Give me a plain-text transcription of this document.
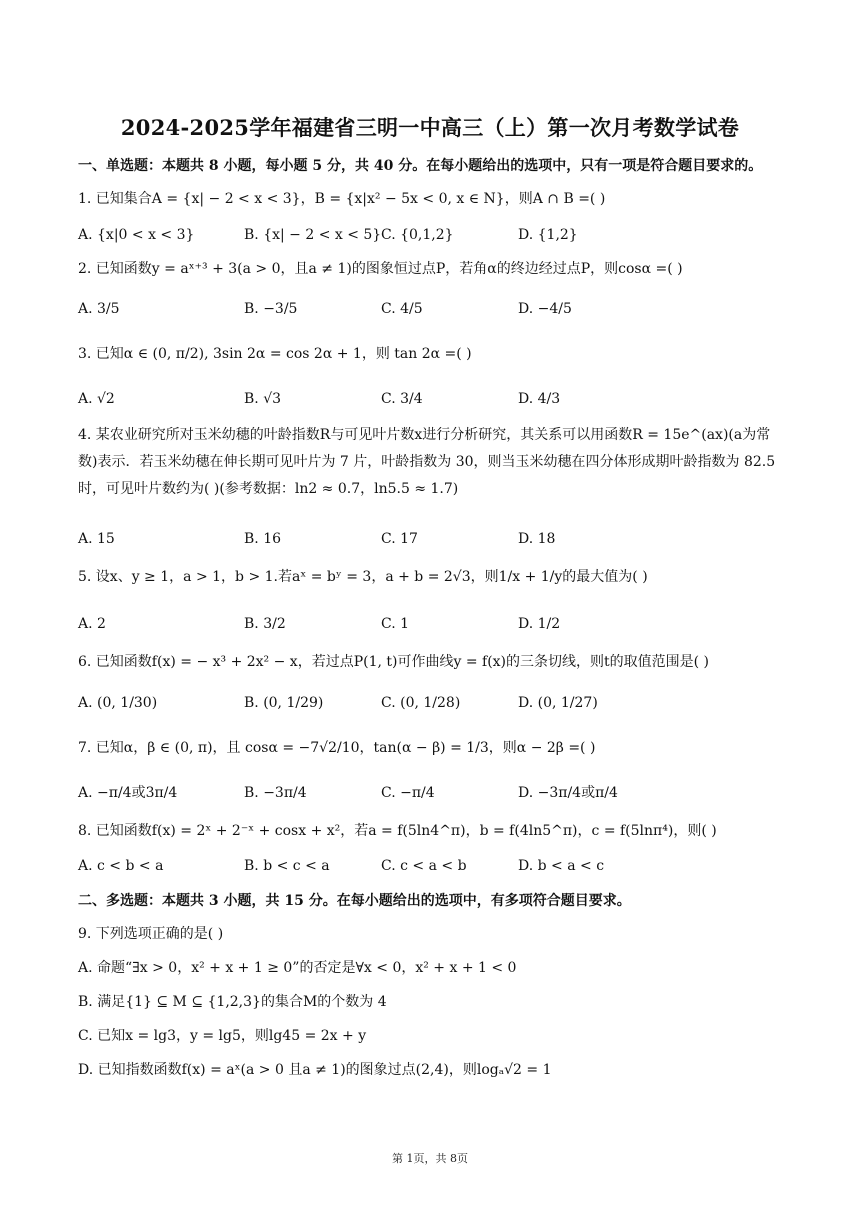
2024-2025学年福建省三明一中高三（上）第一次月考数学试卷
一、单选题：本题共 8 小题，每小题 5 分，共 40 分。在每小题给出的选项中，只有一项是符合题目要求的。
1. 已知集合A = {x| − 2 < x < 3}，B = {x|x² − 5x < 0, x ∈ N}，则A ∩ B =( )
A. {x|0 < x < 3}	B. {x| − 2 < x < 5} C. {0,1,2}	D. {1,2}
2. 已知函数y = aˣ⁺³ + 3(a > 0，且a ≠ 1)的图象恒过点P，若角α的终边经过点P，则cosα =( )
A. 3/5	B. −3/5	C. 4/5	D. −4/5
3. 已知α ∈ (0, π/2), 3sin 2α = cos 2α + 1，则 tan 2α =( )
A. √2	B. √3	C. 3/4	D. 4/3
4. 某农业研究所对玉米幼穗的叶龄指数R与可见叶片数x进行分析研究，其关系可以用函数R = 15e^(ax)(a为常数)表示．若玉米幼穗在伸长期可见叶片为 7 片，叶龄指数为 30，则当玉米幼穗在四分体形成期叶龄指数为 82.5 时，可见叶片数约为( )(参考数据：ln2 ≈ 0.7，ln5.5 ≈ 1.7)
A. 15	B. 16	C. 17	D. 18
5. 设x、y ≥ 1，a > 1，b > 1.若aˣ = bʸ = 3，a + b = 2√3，则1/x + 1/y的最大值为( )
A. 2	B. 3/2	C. 1	D. 1/2
6. 已知函数f(x) = − x³ + 2x² − x，若过点P(1, t)可作曲线y = f(x)的三条切线，则t的取值范围是( )
A. (0, 1/30)	B. (0, 1/29)	C. (0, 1/28)	D. (0, 1/27)
7. 已知α，β ∈ (0, π)，且 cosα = −7√2/10，tan(α − β) = 1/3，则α − 2β =( )
A. −π/4或3π/4	B. −3π/4	C. −π/4	D. −3π/4或π/4
8. 已知函数f(x) = 2ˣ + 2⁻ˣ + cosx + x²，若a = f(5ln4^π)，b = f(4ln5^π)，c = f(5lnπ⁴)，则( )
A. c < b < a	B. b < c < a	C. c < a < b	D. b < a < c
二、多选题：本题共 3 小题，共 15 分。在每小题给出的选项中，有多项符合题目要求。
9. 下列选项正确的是( )
A. 命题“∃x > 0，x² + x + 1 ≥ 0”的否定是∀x < 0，x² + x + 1 < 0
B. 满足{1} ⊆ M ⊆ {1,2,3}的集合M的个数为 4
C. 已知x = lg3，y = lg5，则lg45 = 2x + y
D. 已知指数函数f(x) = aˣ(a > 0 且a ≠ 1)的图象过点(2,4)，则logₐ√2 = 1
第 1页，共 8页
